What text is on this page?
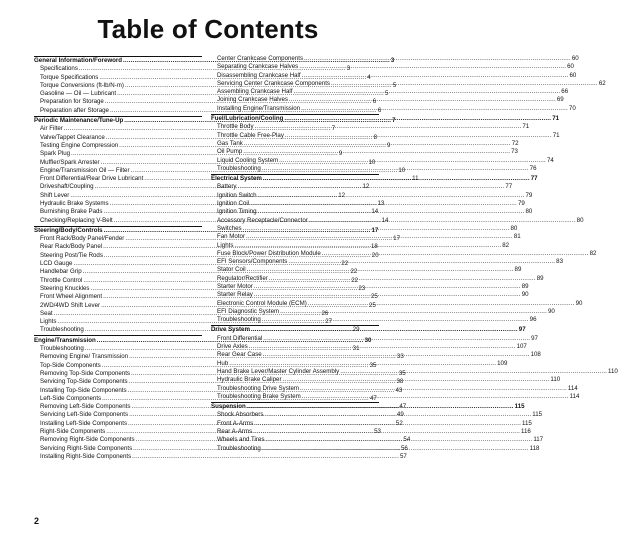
Table of Contents
General Information/Foreword .....	3
Specifications .....	3
Torque Specifications .....	4
Torque Conversions (ft-lb/N-m) .....	5
Gasoline — Oil — Lubricant .....	5
Preparation for Storage .....	6
Preparation after Storage .....	6
Periodic Maintenance/Tune-Up .....	7
Air Filter .....	7
Valve/Tappet Clearance .....	8
Testing Engine Compression .....	9
Spark Plug .....	9
Muffler/Spark Arrester .....	10
Engine/Transmission Oil — Filter .....	10
Front Differential/Rear Drive Lubricant .....	11
Driveshaft/Coupling .....	12
Shift Lever .....	12
Hydraulic Brake Systems .....	13
Burnishing Brake Pads .....	14
Checking/Replacing V-Belt .....	14
Steering/Body/Controls .....	17
Front Rack/Body Panel/Fender .....	17
Rear Rack/Body Panel .....	18
Steering Post/Tie Rods .....	20
LCD Gauge .....	22
Handlebar Grip .....	22
Throttle Control .....	22
Steering Knuckles .....	23
Front Wheel Alignment .....	25
2WD/4WD Shift Lever .....	25
Seat .....	26
Lights .....	27
Troubleshooting .....	29
Engine/Transmission .....	30
Troubleshooting .....	31
Removing Engine/ Transmission .....	33
Top-Side Components .....	35
Removing Top-Side Components .....	35
Servicing Top-Side Components .....	38
Installing Top-Side Components .....	43
Left-Side Components .....	47
Removing Left-Side Components .....	47
Servicing Left-Side Components .....	49
Installing Left-Side Components .....	52
Right-Side Components .....	53
Removing Right-Side Components .....	54
Servicing Right-Side Components .....	56
Installing Right-Side Components .....	57
Center Crankcase Components .....	60
Separating Crankcase Halves .....	60
Disassembling Crankcase Half .....	60
Servicing Center Crankcase Components .....	62
Assembling Crankcase Half .....	66
Joining Crankcase Halves .....	69
Installing Engine/Transmission .....	70
Fuel/Lubrication/Cooling .....	71
Throttle Body .....	71
Throttle Cable Free-Play .....	71
Gas Tank .....	72
Oil Pump .....	73
Liquid Cooling System .....	74
Troubleshooting .....	76
Electrical System .....	77
Battery .....	77
Ignition Switch .....	79
Ignition Coil .....	79
Ignition Timing .....	80
Accessory Receptacle/Connector .....	80
Switches .....	80
Fan Motor .....	81
Lights .....	82
Fuse Block/Power Distribution Module .....	82
EFI Sensors/Components .....	83
Stator Coil .....	89
Regulator/Rectifier .....	89
Starter Motor .....	89
Starter Relay .....	90
Electronic Control Module (ECM) .....	90
EFI Diagnostic System .....	90
Troubleshooting .....	96
Drive System .....	97
Front Differential .....	97
Drive Axles .....	107
Rear Gear Case .....	108
Hub .....	109
Hand Brake Lever/Master Cylinder Assembly .....	110
Hydraulic Brake Caliper .....	110
Troubleshooting Drive System .....	114
Troubleshooting Brake System .....	114
Suspension .....	115
Shock Absorbers .....	115
Front A-Arms .....	115
Rear A-Arms .....	116
Wheels and Tires .....	117
Troubleshooting .....	118
2
